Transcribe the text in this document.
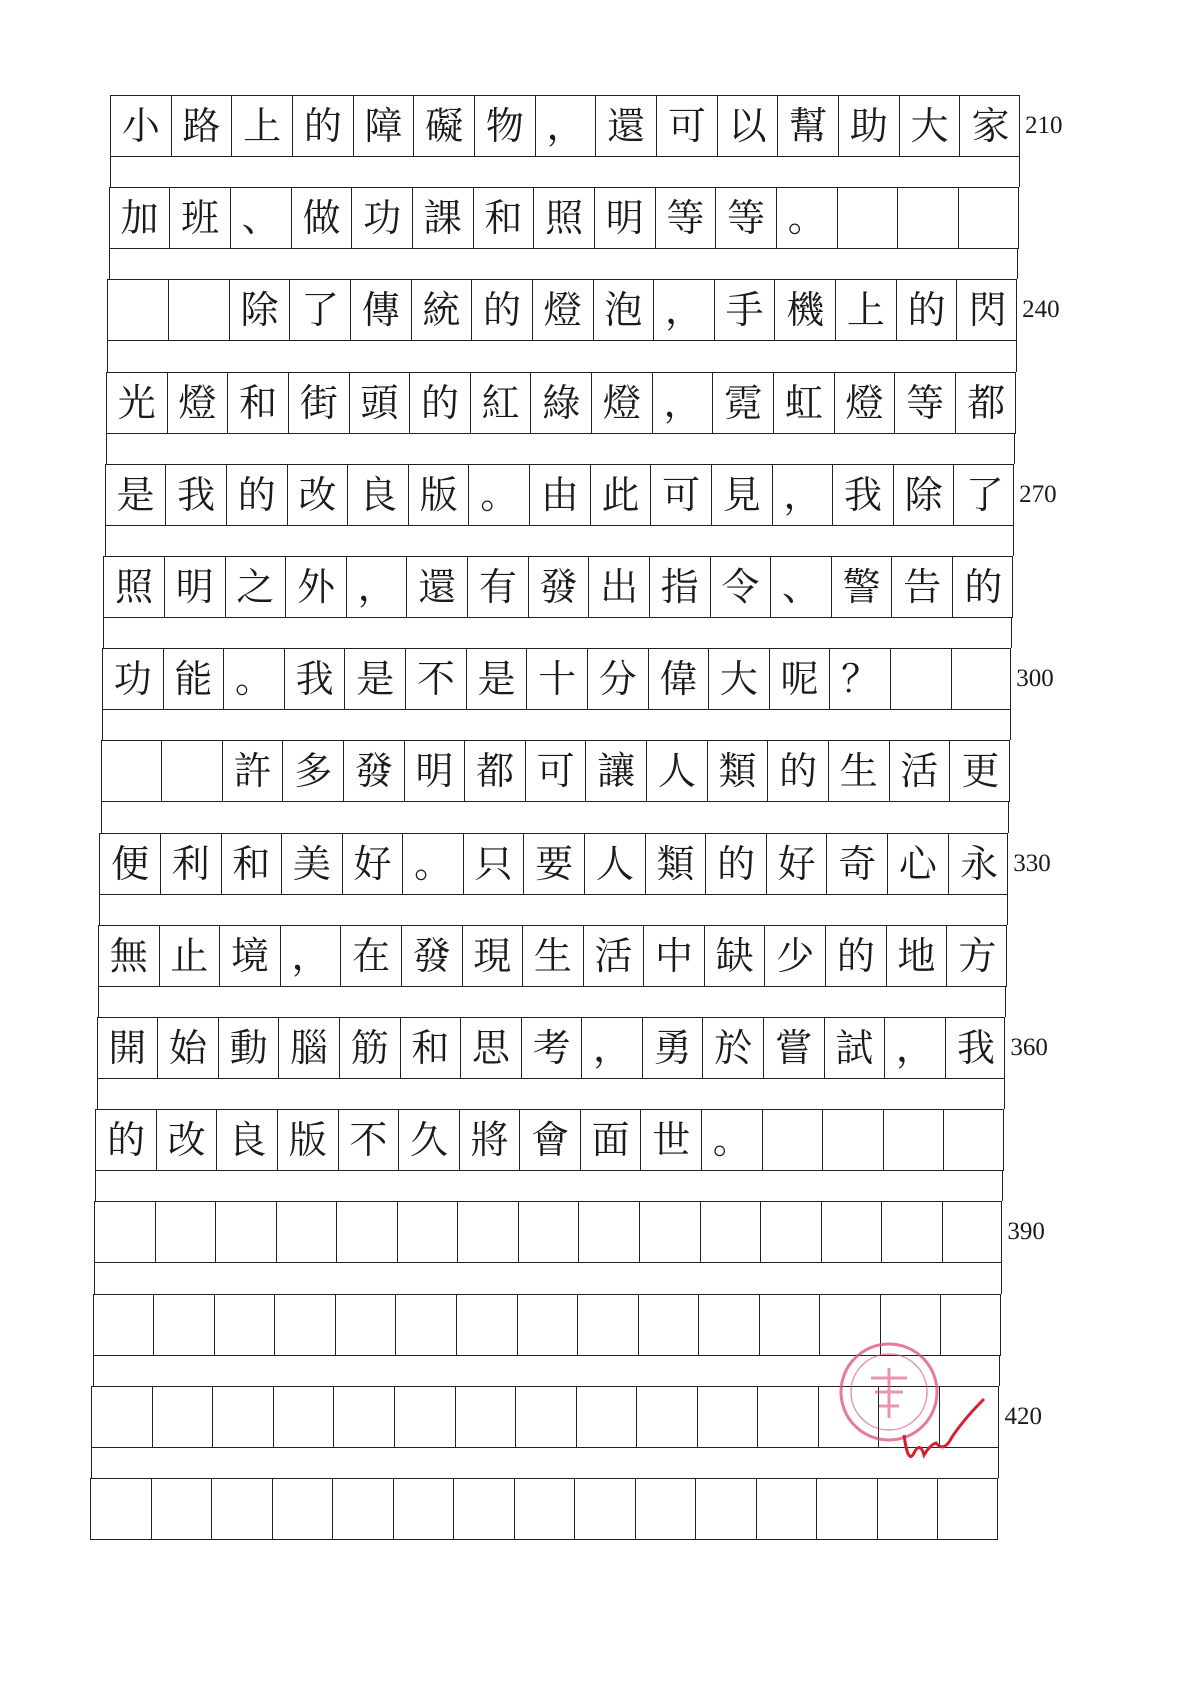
小 路 上 的 障 礙 物 ， 還 可 以 幫 助 大 家
加 班 、 做 功 課 和 照 明 等 等 。
除 了 傳 統 的 燈 泡 ， 手 機 上 的 閃
光 燈 和 街 頭 的 紅 綠 燈 ， 霓 虹 燈 等 都
是 我 的 改 良 版 。 由 此 可 見 ， 我 除 了
照 明 之 外 ， 還 有 發 出 指 令 、 警 告 的
功 能 。 我 是 不 是 十 分 偉 大 呢 ？
許 多 發 明 都 可 讓 人 類 的 生 活 更
便 利 和 美 好 。 只 要 人 類 的 好 奇 心 永
無 止 境 ， 在 發 現 生 活 中 缺 少 的 地 方
開 始 動 腦 筋 和 思 考 ， 勇 於 嘗 試 ， 我
的 改 良 版 不 久 將 會 面 世 。
210
240
270
300
330
360
390
420
